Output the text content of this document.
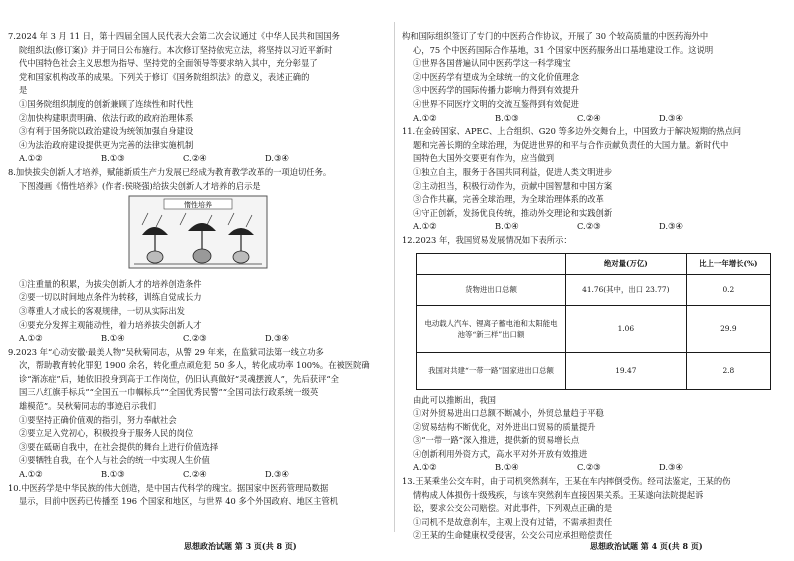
7.2024 年 3 月 11 日，第十四届全国人民代表大会第二次会议通过《中华人民共和国国务
院组织法(修订案)》并于同日公布施行。本次修订坚持依宪立法，将坚持以习近平新时
代中国特色社会主义思想为指导、坚持党的全面领导等要求纳入其中，充分彰显了
党和国家机构改革的成果。下列关于修订《国务院组织法》的意义，表述正确的
是
①国务院组织制度的创新兼顾了连续性和时代性
②加快构建职责明确、依法行政的政府治理体系
③有利于国务院以政治建设为统领加强自身建设
④为法治政府建设提供更为完善的法律实施机制
A.①②	B.①③	C.②④	D.③④
8.加快拔尖创新人才培养，赋能新质生产力发展已经成为教育教学改革的一项迫切任务。
下图漫画《惰性培养》(作者:侯晓强)给拔尖创新人才培养的启示是
惰性培养
①注重量的积累，为拔尖创新人才的培养创造条件
②要一切以时间地点条件为转移，训练自觉成长力
③尊重人才成长的客观规律，一切从实际出发
④要充分发挥主观能动性，着力培养拔尖创新人才
A.①②	B.①④	C.②③	D.③④
9.2023 年“心动安徽·最美人物”吴秋菊同志，从警 29 年来，在监狱司法第一线立功多
次，帮助教育转化罪犯 1900 余名，转化重点顽危犯 50 多人，转化成功率 100%。在被医院确
诊“渐冻症”后，她依旧投身到高于工作岗位，仍旧认真做好“灵魂摆渡人”，先后获评“全
国三八红旗手标兵”“全国五一巾帼标兵”“全国优秀民警”“全国司法行政系统一级英
雄模范”。吴秋菊同志的事迹启示我们
①要坚持正确价值观的指引，努力奉献社会
②要立足入党初心，积极投身于服务人民的岗位
③要在砥砺自我中，在社会提供的舞台上进行价值选择
④要牺牲自我，在个人与社会的统一中实现人生价值
A.①②	B.①③	C.②④	D.③④
10.中医药学是中华民族的伟大创造，是中国古代科学的瑰宝。据国家中医药管理局数据
显示，目前中医药已传播至 196 个国家和地区，与世界 40 多个外国政府、地区主管机
构和国际组织签订了专门的中医药合作协议，开展了 30 个较高质量的中医药海外中
心，75 个中医药国际合作基地，31 个国家中医药服务出口基地建设工作。这说明
①世界各国普遍认同中医药学这一科学瑰宝
②中医药学有望成为全球统一的文化价值理念
③中医药学的国际传播力影响力得到有效提升
④世界不同医疗文明的交流互鉴得到有效促进
A.①②	B.①③	C.②④	D.③④
11.在金砖国家、APEC、上合组织、G20 等多边外交舞台上，中国致力于解决短期的热点问
题和完善长期的全球治理，为促进世界的和平与合作贡献负责任的大国力量。新时代中
国特色大国外交要更有作为，应当做到
①独立自主，服务于各国共同利益，促进人类文明进步
②主动担当，积极行动作为，贡献中国智慧和中国方案
③合作共赢，完善全球治理，为全球治理体系的改革
④守正创新，发扬优良传统，推动外交理论和实践创新
A.①②	B.①④	C.②③	D.③④
12.2023 年，我国贸易发展情况如下表所示：
	绝对量(万亿)	比上一年增长(%)
货物进出口总额	41.76(其中，出口 23.77)	0.2
电动载人汽车、锂离子蓄电池和太阳能电池等“新三样”出口额	1.06	29.9
我国对共建“一带一路”国家进出口总额	19.47	2.8
由此可以推断出，我国
①对外贸易进出口总额不断减小，外贸总量趋于平稳
②贸易结构不断优化，对外进出口贸易的质量提升
③“一带一路”深入推进，提供新的贸易增长点
④创新利用外资方式，高水平对外开放有效推进
A.①②	B.①④	C.②③	D.③④
13.王某乘坐公交车时，由于司机突然刹车，王某在车内摔倒受伤。经司法鉴定，王某的伤
情构成人体损伤十级残疾，与该车突然刹车直接因果关系。王某遂向法院提起诉
讼，要求公交公司赔偿。对此事件，下列观点正确的是
①司机不是故意刹车，主观上没有过错，不需承担责任
②王某的生命健康权受侵害，公交公司应承担赔偿责任
思想政治试题 第 3 页(共 8 页)	思想政治试题 第 4 页(共 8 页)
